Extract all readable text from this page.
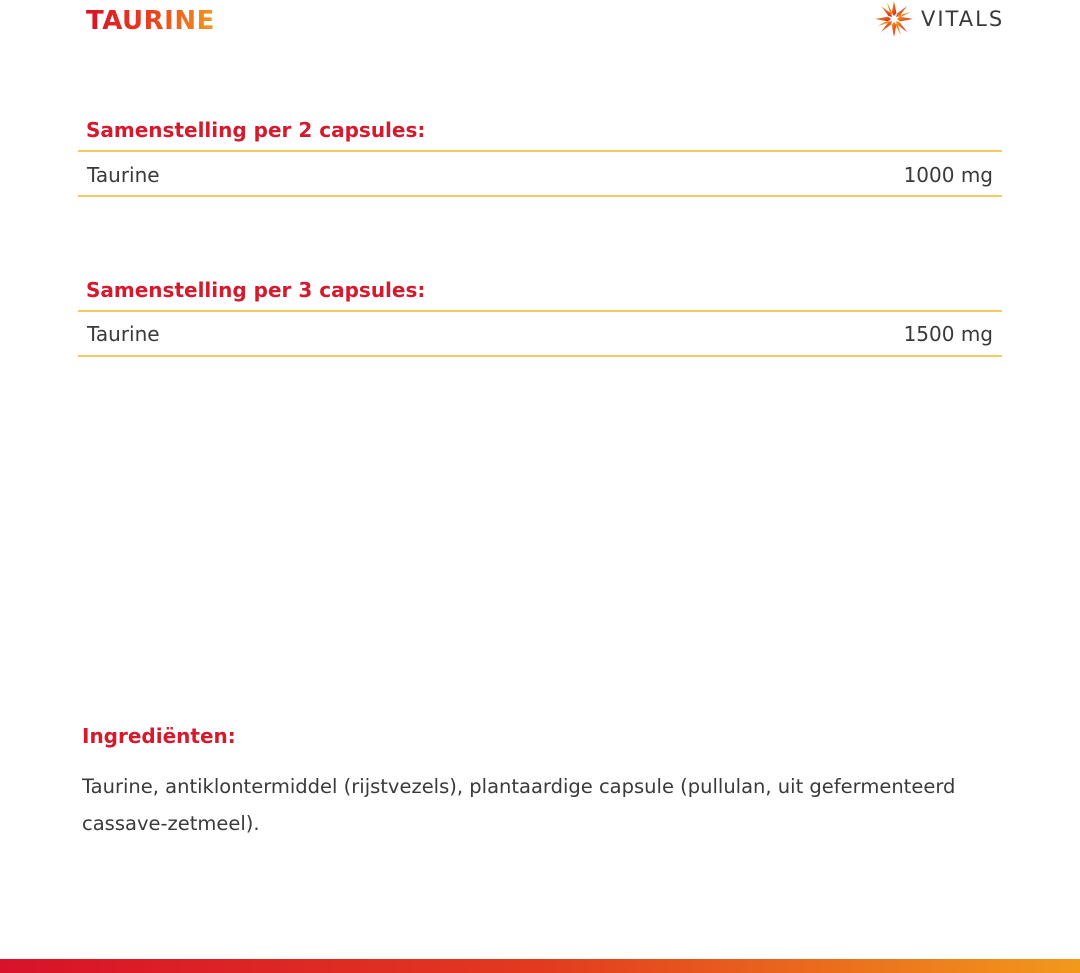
TAURINE	VITALS
Samenstelling per 2 capsules:
Taurine	1000 mg
Samenstelling per 3 capsules:
Taurine	1500 mg
Ingrediënten:
Taurine, antiklontermiddel (rijstvezels), plantaardige capsule (pullulan, uit gefermenteerd cassave-zetmeel).
